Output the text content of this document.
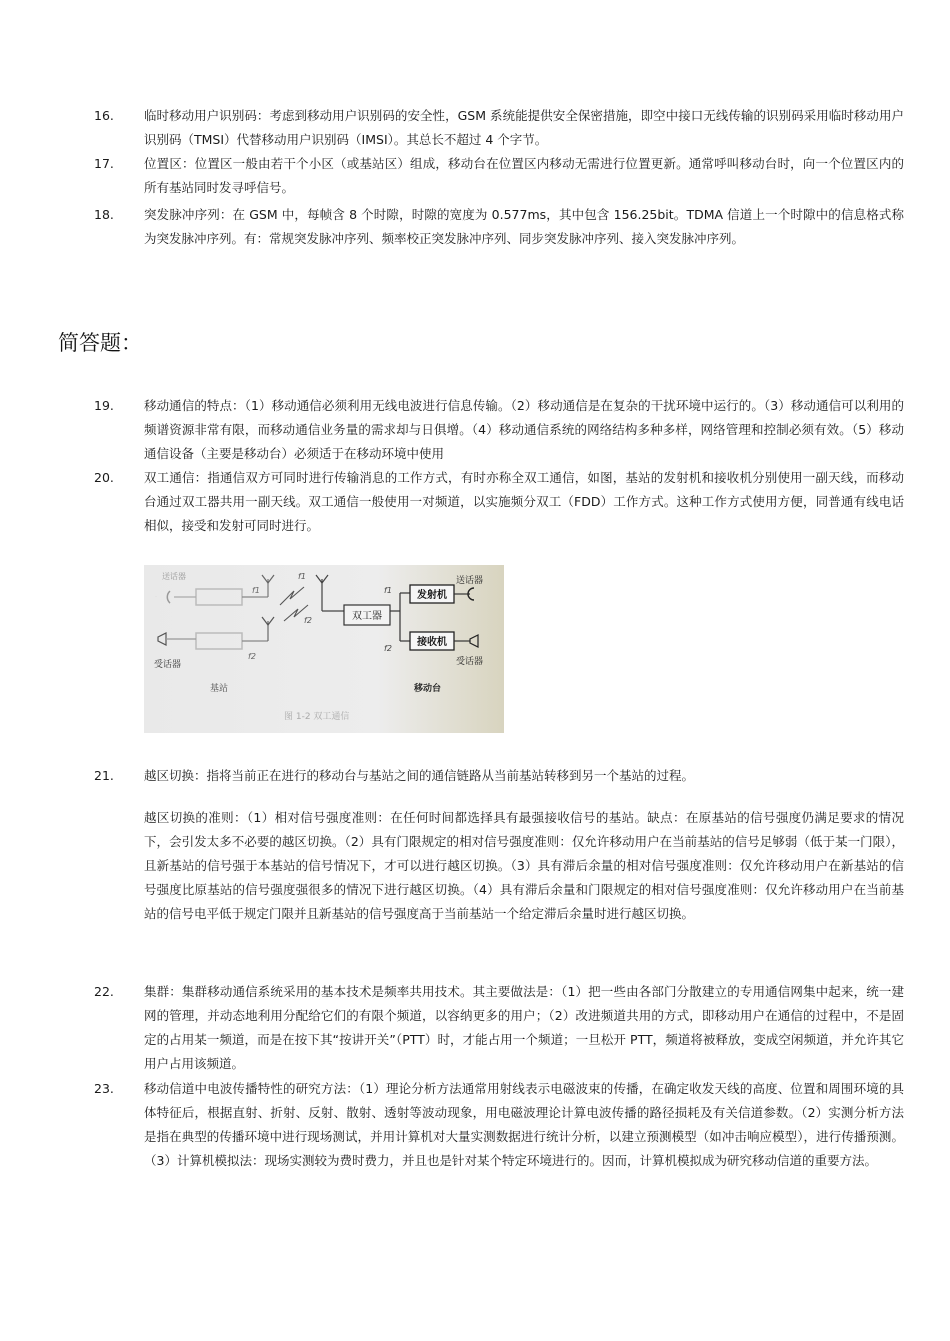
16.	临时移动用户识别码：考虑到移动用户识别码的安全性，GSM 系统能提供安全保密措施，即空中接口无线传输的识别码采用临时移动用户识别码（TMSI）代替移动用户识别码（IMSI）。其总长不超过 4 个字节。
17.	位置区：位置区一般由若干个小区（或基站区）组成，移动台在位置区内移动无需进行位置更新。通常呼叫移动台时，向一个位置区内的所有基站同时发寻呼信号。
18.	突发脉冲序列：在 GSM 中，每帧含 8 个时隙，时隙的宽度为 0.577ms，其中包含 156.25bit。TDMA 信道上一个时隙中的信息格式称为突发脉冲序列。有：常规突发脉冲序列、频率校正突发脉冲序列、同步突发脉冲序列、接入突发脉冲序列。
简答题：
19.	移动通信的特点：（1）移动通信必须利用无线电波进行信息传输。（2）移动通信是在复杂的干扰环境中运行的。（3）移动通信可以利用的频谱资源非常有限，而移动通信业务量的需求却与日俱增。（4）移动通信系统的网络结构多种多样，网络管理和控制必须有效。（5）移动通信设备（主要是移动台）必须适于在移动环境中使用
20.	双工通信：指通信双方可同时进行传输消息的工作方式，有时亦称全双工通信，如图，基站的发射机和接收机分别使用一副天线，而移动台通过双工器共用一副天线。双工通信一般使用一对频道，以实施频分双工（FDD）工作方式。这种工作方式使用方便，同普通有线电话相似，接受和发射可同时进行。
双工器
发射机
接收机
送话器
受话器
送话器
受话器
f1
f1
f2
f2
f1
f2
基站	移动台
图 1-2 双工通信
21.	越区切换：指将当前正在进行的移动台与基站之间的通信链路从当前基站转移到另一个基站的过程。
越区切换的准则：（1）相对信号强度准则：在任何时间都选择具有最强接收信号的基站。缺点：在原基站的信号强度仍满足要求的情况下，会引发太多不必要的越区切换。（2）具有门限规定的相对信号强度准则：仅允许移动用户在当前基站的信号足够弱（低于某一门限），且新基站的信号强于本基站的信号情况下，才可以进行越区切换。（3）具有滞后余量的相对信号强度准则：仅允许移动用户在新基站的信号强度比原基站的信号强度强很多的情况下进行越区切换。（4）具有滞后余量和门限规定的相对信号强度准则：仅允许移动用户在当前基站的信号电平低于规定门限并且新基站的信号强度高于当前基站一个给定滞后余量时进行越区切换。
22.	集群：集群移动通信系统采用的基本技术是频率共用技术。其主要做法是：（1）把一些由各部门分散建立的专用通信网集中起来，统一建网的管理，并动态地利用分配给它们的有限个频道，以容纳更多的用户；（2）改进频道共用的方式，即移动用户在通信的过程中，不是固定的占用某一频道，而是在按下其“按讲开关”（PTT）时，才能占用一个频道；一旦松开 PTT，频道将被释放，变成空闲频道，并允许其它用户占用该频道。
23.	移动信道中电波传播特性的研究方法：（1）理论分析方法通常用射线表示电磁波束的传播，在确定收发天线的高度、位置和周围环境的具体特征后，根据直射、折射、反射、散射、透射等波动现象，用电磁波理论计算电波传播的路径损耗及有关信道参数。（2）实测分析方法是指在典型的传播环境中进行现场测试，并用计算机对大量实测数据进行统计分析，以建立预测模型（如冲击响应模型），进行传播预测。（3）计算机模拟法：现场实测较为费时费力，并且也是针对某个特定环境进行的。因而，计算机模拟成为研究移动信道的重要方法。
